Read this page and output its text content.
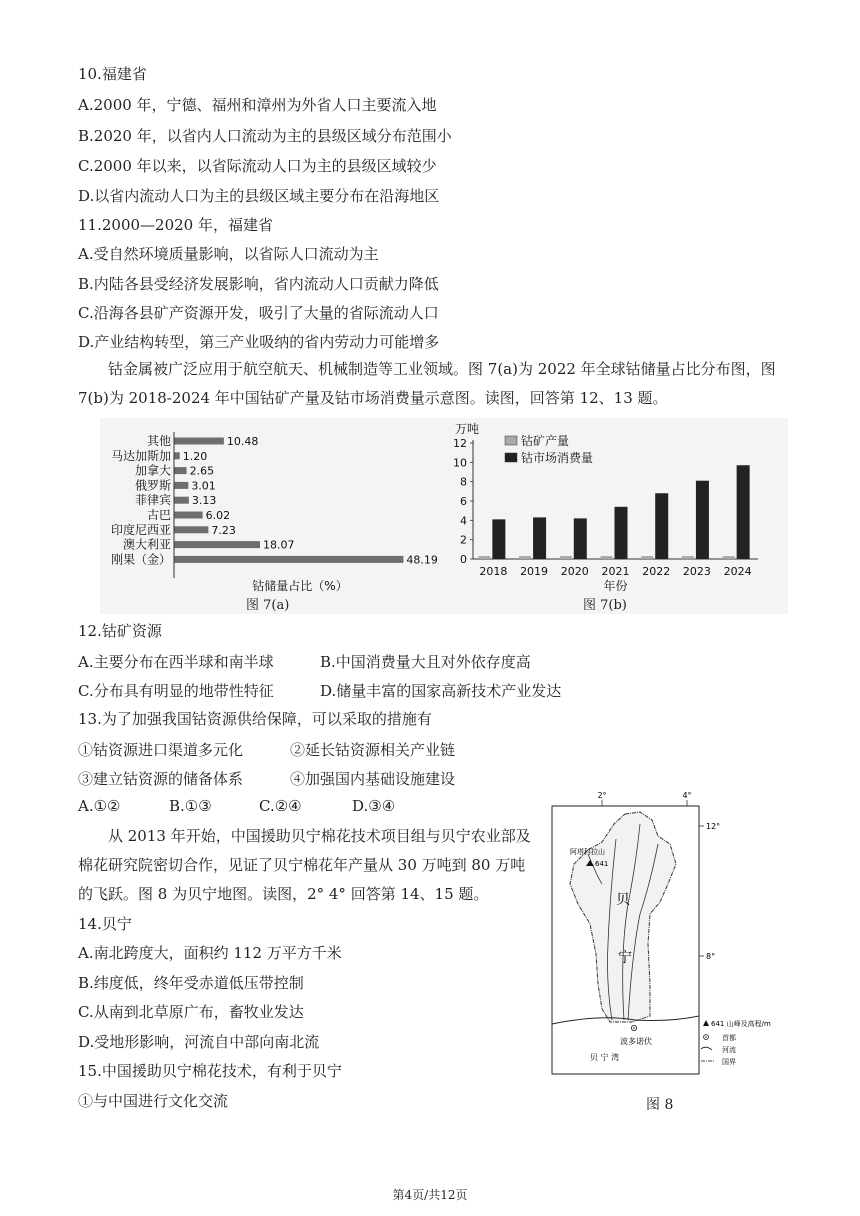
10.福建省
A.2000 年，宁德、福州和漳州为外省人口主要流入地
B.2020 年，以省内人口流动为主的县级区域分布范围小
C.2000 年以来，以省际流动人口为主的县级区域较少
D.以省内流动人口为主的县级区域主要分布在沿海地区
11.2000—2020 年，福建省
A.受自然环境质量影响，以省际人口流动为主
B.内陆各县受经济发展影响，省内流动人口贡献力降低
C.沿海各县矿产资源开发，吸引了大量的省际流动人口
D.产业结构转型，第三产业吸纳的省内劳动力可能增多
钴金属被广泛应用于航空航天、机械制造等工业领域。图 7(a)为 2022 年全球钴储量占比分布图，图 7(b)为 2018-2024 年中国钴矿产量及钴市场消费量示意图。读图，回答第 12、13 题。
其他	10.48
马达加斯加 1.20
加拿大 2.65
俄罗斯 3.01
菲律宾 3.13
古巴	6.02
印度尼西亚	7.23
澳大利亚	18.07
刚果（金）	48.19
钴储量占比（%）
图 7(a)
万吨
0
2
4
6
8
10
12
2018 2019 2020 2021 2022 2023 2024
年份
钴矿产量
钴市场消费量
图 7(b)
12.钴矿资源
A.主要分布在西半球和南半球	B.中国消费量大且对外依存度高
C.分布具有明显的地带性特征	D.储量丰富的国家高新技术产业发达
13.为了加强我国钴资源供给保障，可以采取的措施有
①钴资源进口渠道多元化	②延长钴资源相关产业链
③建立钴资源的储备体系	④加强国内基础设施建设
A.①②	B.①③	C.②④	D.③④
从 2013 年开始，中国援助贝宁棉花技术项目组与贝宁农业部及棉花研究院密切合作，见证了贝宁棉花年产量从 30 万吨到 80 万吨的飞跃。图 8 为贝宁地图。读图，2° 4° 回答第 14、15 题。
14.贝宁
A.南北跨度大，面积约 112 万平方千米
B.纬度低，终年受赤道低压带控制
C.从南到北草原广布，畜牧业发达
D.受地形影响，河流自中部向南北流
15.中国援助贝宁棉花技术，有利于贝宁
①与中国进行文化交流
2°	4°
12°
8°
阿塔科拉山
641
贝
宁
波多诺伏
贝 宁 湾
641 山峰及高程/m
首都
河流
国界
图 8
第4页/共12页
